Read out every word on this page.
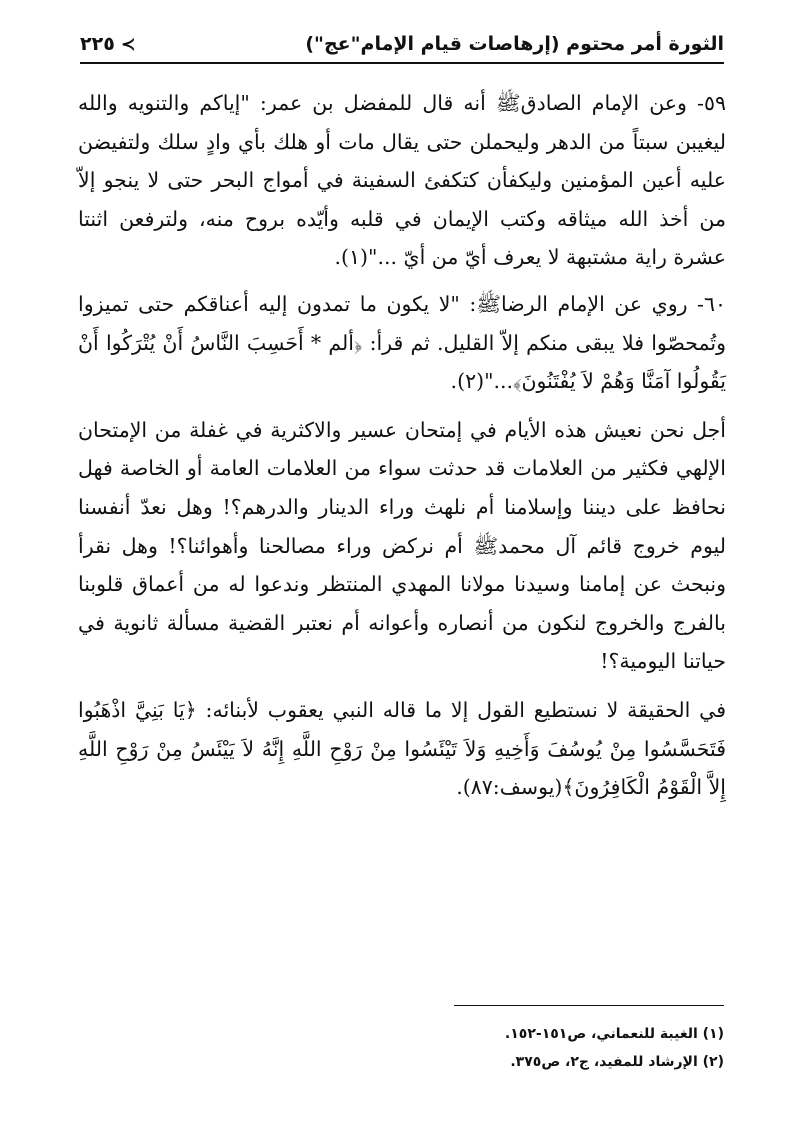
الثورة أمر محتوم (إرهاصات قيام الإمام"عج")
≻
٢٢٥

٥٩- وعن الإمام الصادقﷺ أنه قال للمفضل بن عمر: "إياكم والتنويه والله ليغيبن سبتاً من الدهر وليحملن حتى يقال مات أو هلك بأي وادٍ سلك ولتفيضن عليه أعين المؤمنين وليكفأن كتكفئ السفينة في أمواج البحر حتى لا ينجو إلاّ من أخذ الله ميثاقه وكتب الإيمان في قلبه وأيّده بروح منه، ولترفعن اثنتا عشرة راية مشتبهة لا يعرف أيّ من أيّ ..."(١).

٦٠- روي عن الإمام الرضاﷺ: "لا يكون ما تمدون إليه أعناقكم حتى تميزوا وتُمحصّوا فلا يبقى منكم إلاّ القليل. ثم قرأ: ﴿ألم * أَحَسِبَ النَّاسُ أَنْ يُتْرَكُوا أَنْ يَقُولُوا آمَنَّا وَهُمْ لاَ يُفْتَنُونَ﴾..."(٢).

أجل نحن نعيش هذه الأيام في إمتحان عسير والاكثرية في غفلة من الإمتحان الإلهي فكثير من العلامات قد حدثت سواء من العلامات العامة أو الخاصة فهل نحافظ على ديننا وإسلامنا أم نلهث وراء الدينار والدرهم؟! وهل نعدّ أنفسنا ليوم خروج قائم آل محمدﷺ أم نركض وراء مصالحنا وأهوائنا؟! وهل نقرأ ونبحث عن إمامنا وسيدنا مولانا المهدي المنتظر وندعوا له من أعماق قلوبنا بالفرج والخروج لنكون من أنصاره وأعوانه أم نعتبر القضية مسألة ثانوية في حياتنا اليومية؟!

في الحقيقة لا نستطيع القول إلا ما قاله النبي يعقوب لأبنائه: ﴿يَا بَنِيَّ اذْهَبُوا فَتَحَسَّسُوا مِنْ يُوسُفَ وَأَخِيهِ وَلاَ تَيْئَسُوا مِنْ رَوْحِ اللَّهِ إِنَّهُ لاَ يَيْئَسُ مِنْ رَوْحِ اللَّهِ إِلاَّ الْقَوْمُ الْكَافِرُونَ﴾(يوسف:٨٧).

(١) الغيبة للنعماني، ص١٥١-١٥٢.
(٢) الإرشاد للمفيد، ج٢، ص٣٧٥.
